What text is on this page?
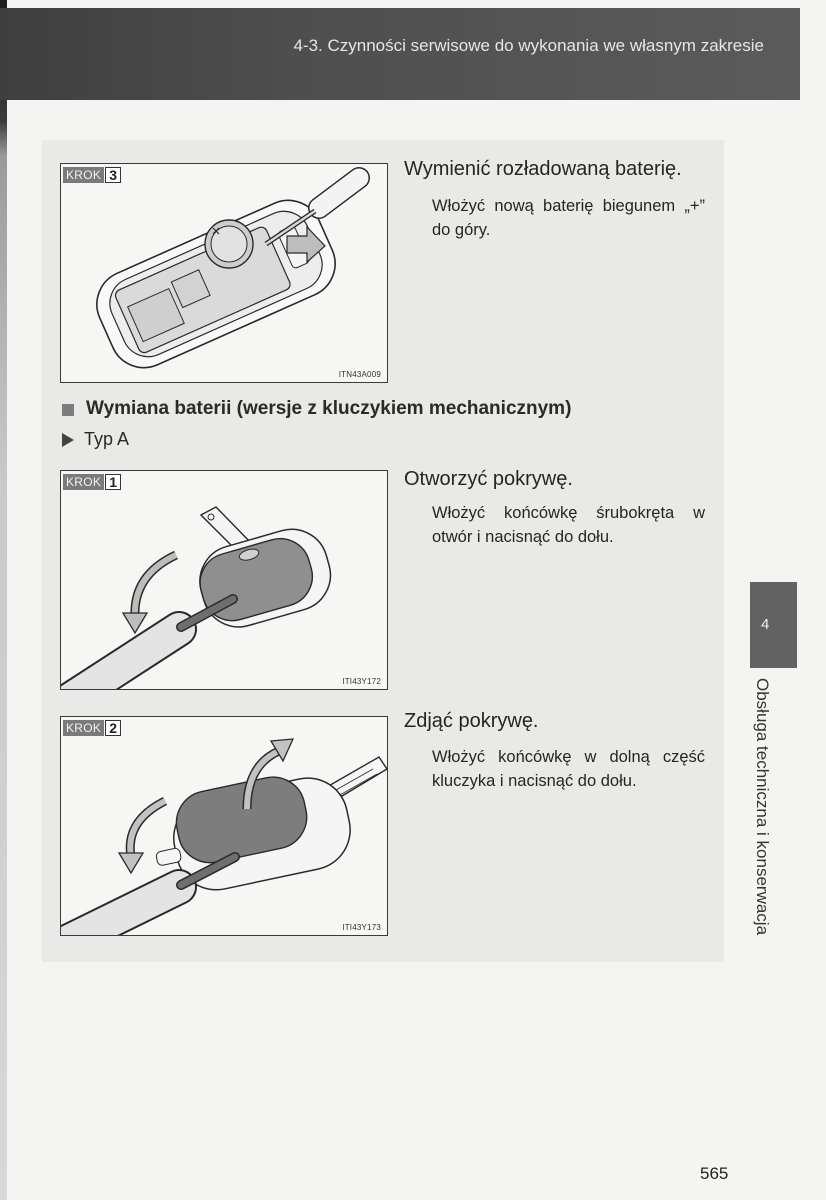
4-3. Czynności serwisowe do wykonania we własnym zakresie
KROK 3
ITN43A009
Wymienić rozładowaną baterię.
Włożyć nową baterię biegunem „+” do góry.
Wymiana baterii (wersje z kluczykiem mechanicznym)
Typ A
KROK 1
ITI43Y172
Otworzyć pokrywę.
Włożyć końcówkę śrubokręta w otwór i nacisnąć do dołu.
KROK 2
ITI43Y173
Zdjąć pokrywę.
Włożyć końcówkę w dolną część kluczyka i nacisnąć do dołu.
4
Obsługa techniczna i konserwacja
565
